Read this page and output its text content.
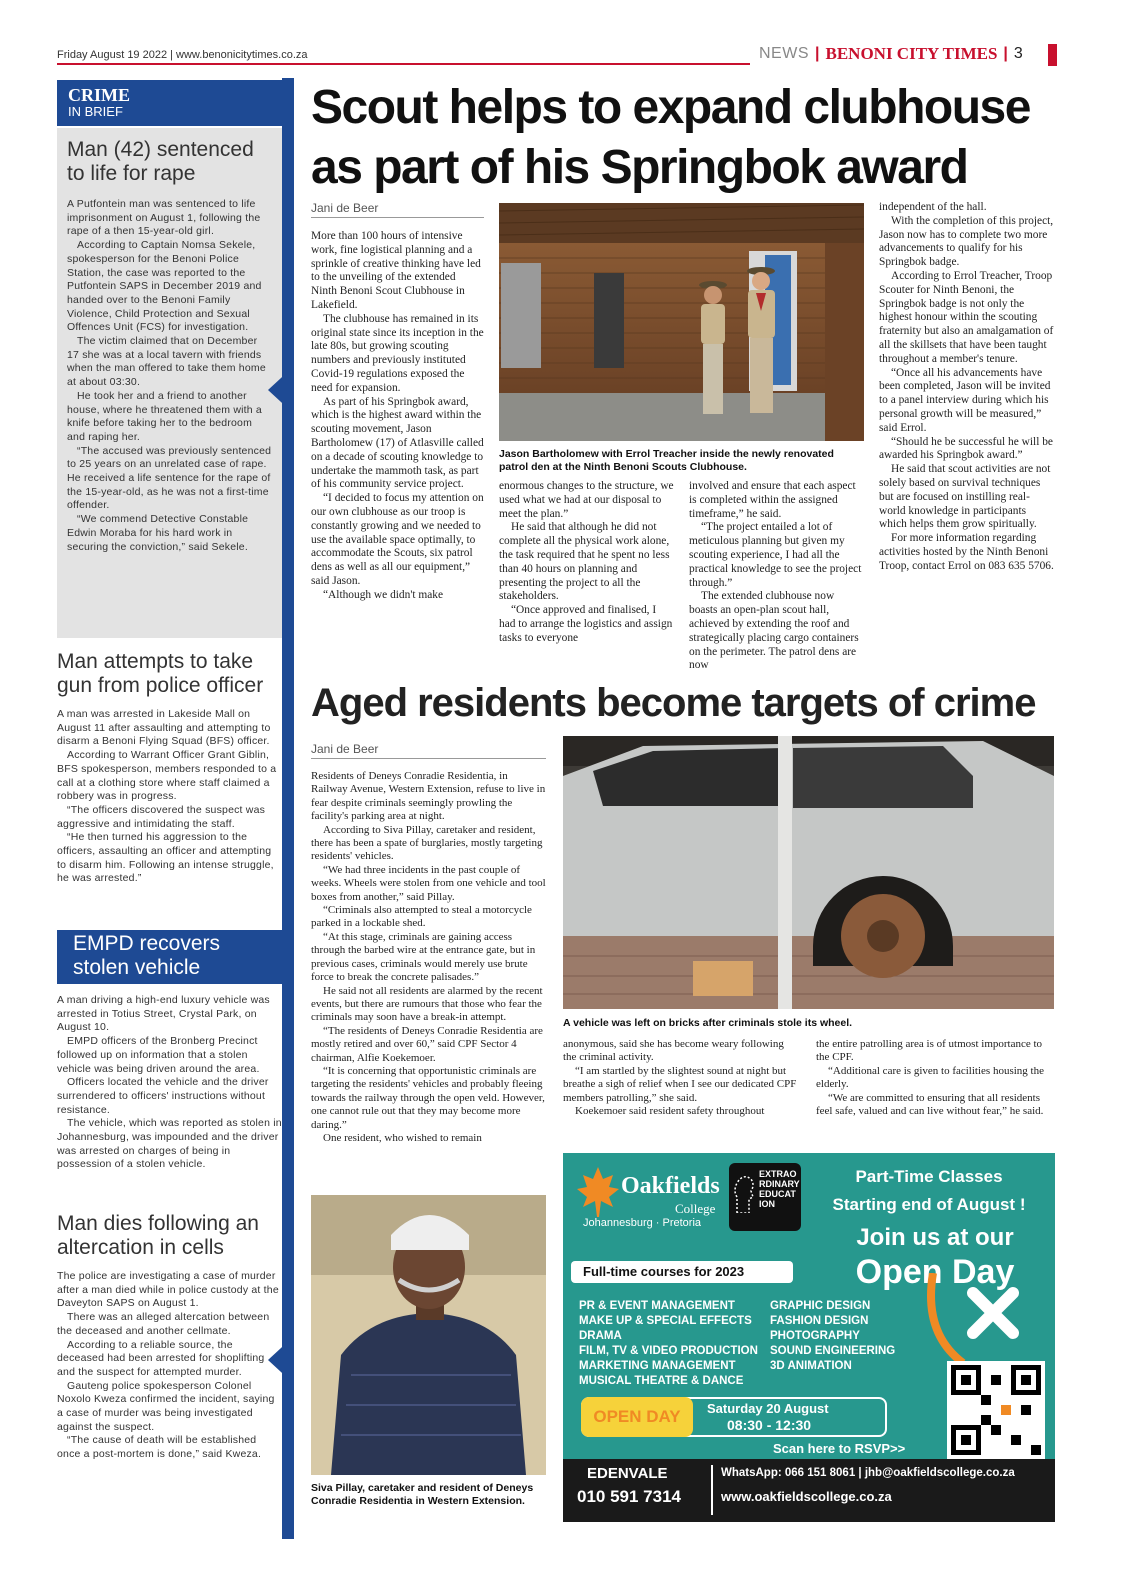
Friday August 19 2022 | www.benonicitytimes.co.za	NEWS | BENONI CITY TIMES | 3
CRIME
IN BRIEF
Man (42) sentenced to life for rape

A Putfontein man was sentenced to life imprisonment on August 1, following the rape of a then 15-year-old girl.

According to Captain Nomsa Sekele, spokesperson for the Benoni Police Station, the case was reported to the Putfontein SAPS in December 2019 and handed over to the Benoni Family Violence, Child Protection and Sexual Offences Unit (FCS) for investigation.

The victim claimed that on December 17 she was at a local tavern with friends when the man offered to take them home at about 03:30.

He took her and a friend to another house, where he threatened them with a knife before taking her to the bedroom and raping her.

“The accused was previously sentenced to 25 years on an unrelated case of rape. He received a life sentence for the rape of the 15-year-old, as he was not a first-time offender.

“We commend Detective Constable Edwin Moraba for his hard work in securing the conviction,” said Sekele.

Man attempts to take gun from police officer

A man was arrested in Lakeside Mall on August 11 after assaulting and attempting to disarm a Benoni Flying Squad (BFS) officer.

According to Warrant Officer Grant Giblin, BFS spokesperson, members responded to a call at a clothing store where staff claimed a robbery was in progress.

“The officers discovered the suspect was aggressive and intimidating the staff.

“He then turned his aggression to the officers, assaulting an officer and attempting to disarm him. Following an intense struggle, he was arrested.”

EMPD recovers stolen vehicle

A man driving a high-end luxury vehicle was arrested in Totius Street, Crystal Park, on August 10.

EMPD officers of the Bronberg Precinct followed up on information that a stolen vehicle was being driven around the area.

Officers located the vehicle and the driver surrendered to officers' instructions without resistance.

The vehicle, which was reported as stolen in Johannesburg, was impounded and the driver was arrested on charges of being in possession of a stolen vehicle.

Man dies following an altercation in cells

The police are investigating a case of murder after a man died while in police custody at the Daveyton SAPS on August 1.

There was an alleged altercation between the deceased and another cellmate.

According to a reliable source, the deceased had been arrested for shoplifting and the suspect for attempted murder.

Gauteng police spokesperson Colonel Noxolo Kweza confirmed the incident, saying a case of murder was being investigated against the suspect.

“The cause of death will be established once a post-mortem is done,” said Kweza.

Scout helps to expand clubhouse as part of his Springbok award
Jani de Beer

More than 100 hours of intensive work, fine logistical planning and a sprinkle of creative thinking have led to the unveiling of the extended Ninth Benoni Scout Clubhouse in Lakefield.

The clubhouse has remained in its original state since its inception in the late 80s, but growing scouting numbers and previously instituted Covid-19 regulations exposed the need for expansion.

As part of his Springbok award, which is the highest award within the scouting movement, Jason Bartholomew (17) of Atlasville called on a decade of scouting knowledge to undertake the mammoth task, as part of his community service project.

“I decided to focus my attention on our own clubhouse as our troop is constantly growing and we needed to use the available space optimally, to accommodate the Scouts, six patrol dens as well as all our equipment,” said Jason.

“Although we didn't make

Jason Bartholomew with Errol Treacher inside the newly renovated patrol den at the Ninth Benoni Scouts Clubhouse.

enormous changes to the structure, we used what we had at our disposal to meet the plan.”

He said that although he did not complete all the physical work alone, the task required that he spent no less than 40 hours on planning and presenting the project to all the stakeholders.

“Once approved and finalised, I had to arrange the logistics and assign tasks to everyone

involved and ensure that each aspect is completed within the assigned timeframe,” he said.

“The project entailed a lot of meticulous planning but given my scouting experience, I had all the practical knowledge to see the project through.”

The extended clubhouse now boasts an open-plan scout hall, achieved by extending the roof and strategically placing cargo containers on the perimeter. The patrol dens are now

independent of the hall.

With the completion of this project, Jason now has to complete two more advancements to qualify for his Springbok badge.

According to Errol Treacher, Troop Scouter for Ninth Benoni, the Springbok badge is not only the highest honour within the scouting fraternity but also an amalgamation of all the skillsets that have been taught throughout a member's tenure.

“Once all his advancements have been completed, Jason will be invited to a panel interview during which his personal growth will be measured,” said Errol.

“Should he be successful he will be awarded his Springbok award.”

He said that scout activities are not solely based on survival techniques but are focused on instilling real-world knowledge in participants which helps them grow spiritually.

For more information regarding activities hosted by the Ninth Benoni Troop, contact Errol on 083 635 5706.

Aged residents become targets of crime
Jani de Beer

Residents of Deneys Conradie Residentia, in Railway Avenue, Western Extension, refuse to live in fear despite criminals seemingly prowling the facility's parking area at night.

According to Siva Pillay, caretaker and resident, there has been a spate of burglaries, mostly targeting residents' vehicles.

“We had three incidents in the past couple of weeks. Wheels were stolen from one vehicle and tool boxes from another,” said Pillay.

“Criminals also attempted to steal a motorcycle parked in a lockable shed.

“At this stage, criminals are gaining access through the barbed wire at the entrance gate, but in previous cases, criminals would merely use brute force to break the concrete palisades.”

He said not all residents are alarmed by the recent events, but there are rumours that those who fear the criminals may soon have a break-in attempt.

“The residents of Deneys Conradie Residentia are mostly retired and over 60,” said CPF Sector 4 chairman, Alfie Koekemoer.

“It is concerning that opportunistic criminals are targeting the residents' vehicles and probably fleeing towards the railway through the open veld. However, one cannot rule out that they may become more daring.”

One resident, who wished to remain

A vehicle was left on bricks after criminals stole its wheel.

anonymous, said she has become weary following the criminal activity.

“I am startled by the slightest sound at night but breathe a sigh of relief when I see our dedicated CPF members patrolling,” she said.

Koekemoer said resident safety throughout

the entire patrolling area is of utmost importance to the CPF.

“Additional care is given to facilities housing the elderly.

“We are committed to ensuring that all residents feel safe, valued and can live without fear,” he said.

Siva Pillay, caretaker and resident of Deneys Conradie Residentia in Western Extension.
Oakfields
College
Johannesburg · Pretoria
EXTRAO RDINARY EDUCAT ION
Part-Time Classes
Starting end of August !
Join us at our
Open Day
Full-time courses for 2023
PR & EVENT MANAGEMENT
MAKE UP & SPECIAL EFFECTS
DRAMA
FILM, TV & VIDEO PRODUCTION
MARKETING MANAGEMENT
MUSICAL THEATRE & DANCE
GRAPHIC DESIGN
FASHION DESIGN
PHOTOGRAPHY
SOUND ENGINEERING
3D ANIMATION
OPEN DAY	Saturday 20 August
08:30 - 12:30
Scan here to RSVP>>
EDENVALE
010 591 7314
WhatsApp: 066 151 8061 | jhb@oakfieldscollege.co.za
www.oakfieldscollege.co.za
